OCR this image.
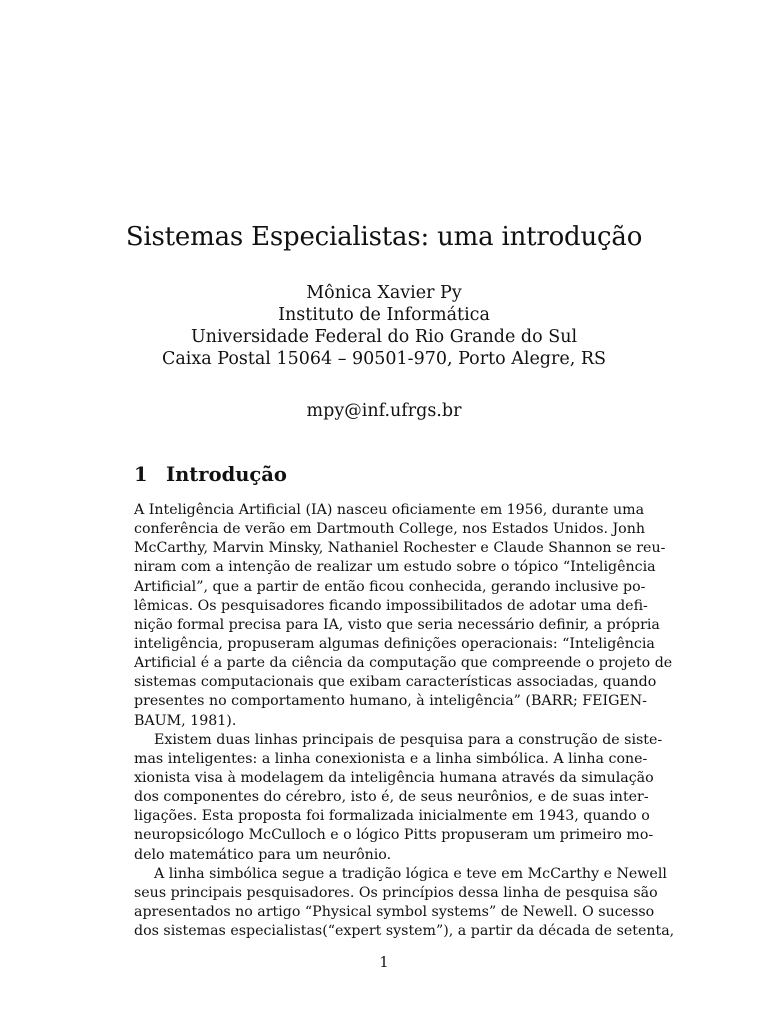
Sistemas Especialistas: uma introdução
Mônica Xavier Py
Instituto de Informática
Universidade Federal do Rio Grande do Sul
Caixa Postal 15064 – 90501-970, Porto Alegre, RS
mpy@inf.ufrgs.br
1 Introdução
A Inteligência Artificial (IA) nasceu oficiamente em 1956, durante uma
conferência de verão em Dartmouth College, nos Estados Unidos. Jonh
McCarthy, Marvin Minsky, Nathaniel Rochester e Claude Shannon se reu-
niram com a intenção de realizar um estudo sobre o tópico “Inteligência
Artificial”, que a partir de então ficou conhecida, gerando inclusive po-
lêmicas. Os pesquisadores ficando impossibilitados de adotar uma defi-
nição formal precisa para IA, visto que seria necessário definir, a própria
inteligência, propuseram algumas definições operacionais: “Inteligência
Artificial é a parte da ciência da computação que compreende o projeto de
sistemas computacionais que exibam características associadas, quando
presentes no comportamento humano, à inteligência” (BARR; FEIGEN-
BAUM, 1981).
Existem duas linhas principais de pesquisa para a construção de siste-
mas inteligentes: a linha conexionista e a linha simbólica. A linha cone-
xionista visa à modelagem da inteligência humana através da simulação
dos componentes do cérebro, isto é, de seus neurônios, e de suas inter-
ligações. Esta proposta foi formalizada inicialmente em 1943, quando o
neuropsicólogo McCulloch e o lógico Pitts propuseram um primeiro mo-
delo matemático para um neurônio.
A linha simbólica segue a tradição lógica e teve em McCarthy e Newell
seus principais pesquisadores. Os princípios dessa linha de pesquisa são
apresentados no artigo “Physical symbol systems” de Newell. O sucesso
dos sistemas especialistas(“expert system”), a partir da década de setenta,
1
